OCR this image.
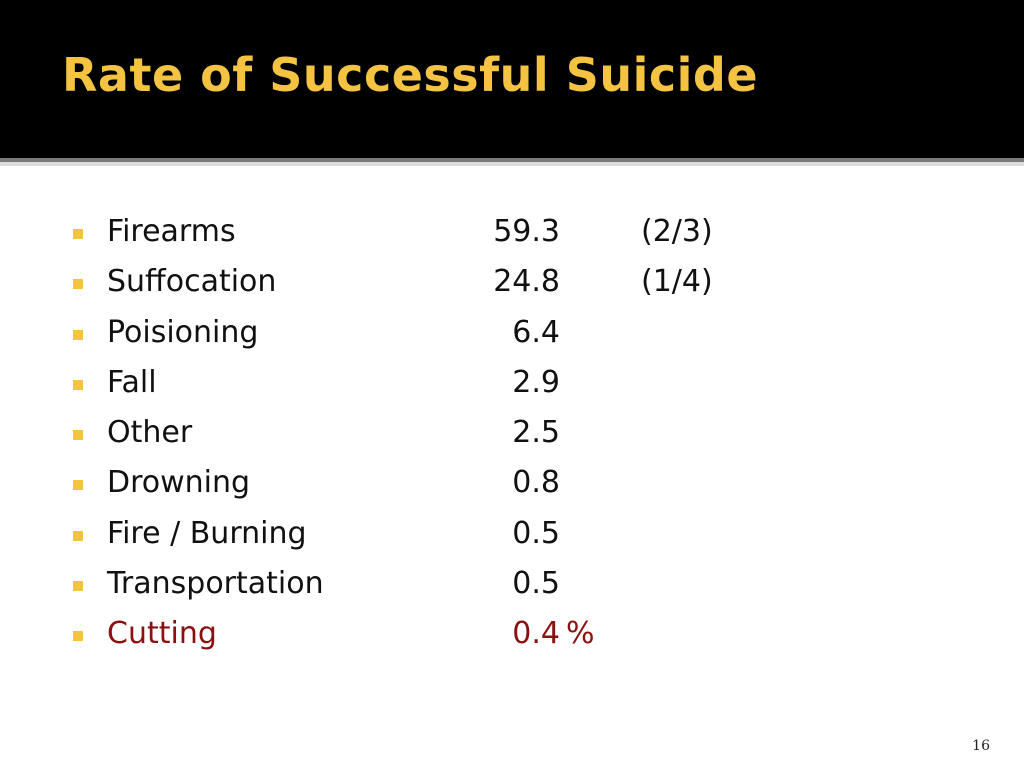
Rate of Successful Suicide
Firearms	59.3	(2/3)
Suffocation	24.8	(1/4)
Poisioning	6.4
Fall	2.9
Other	2.5
Drowning	0.8
Fire / Burning	0.5
Transportation	0.5
Cutting	0.4 %
16
